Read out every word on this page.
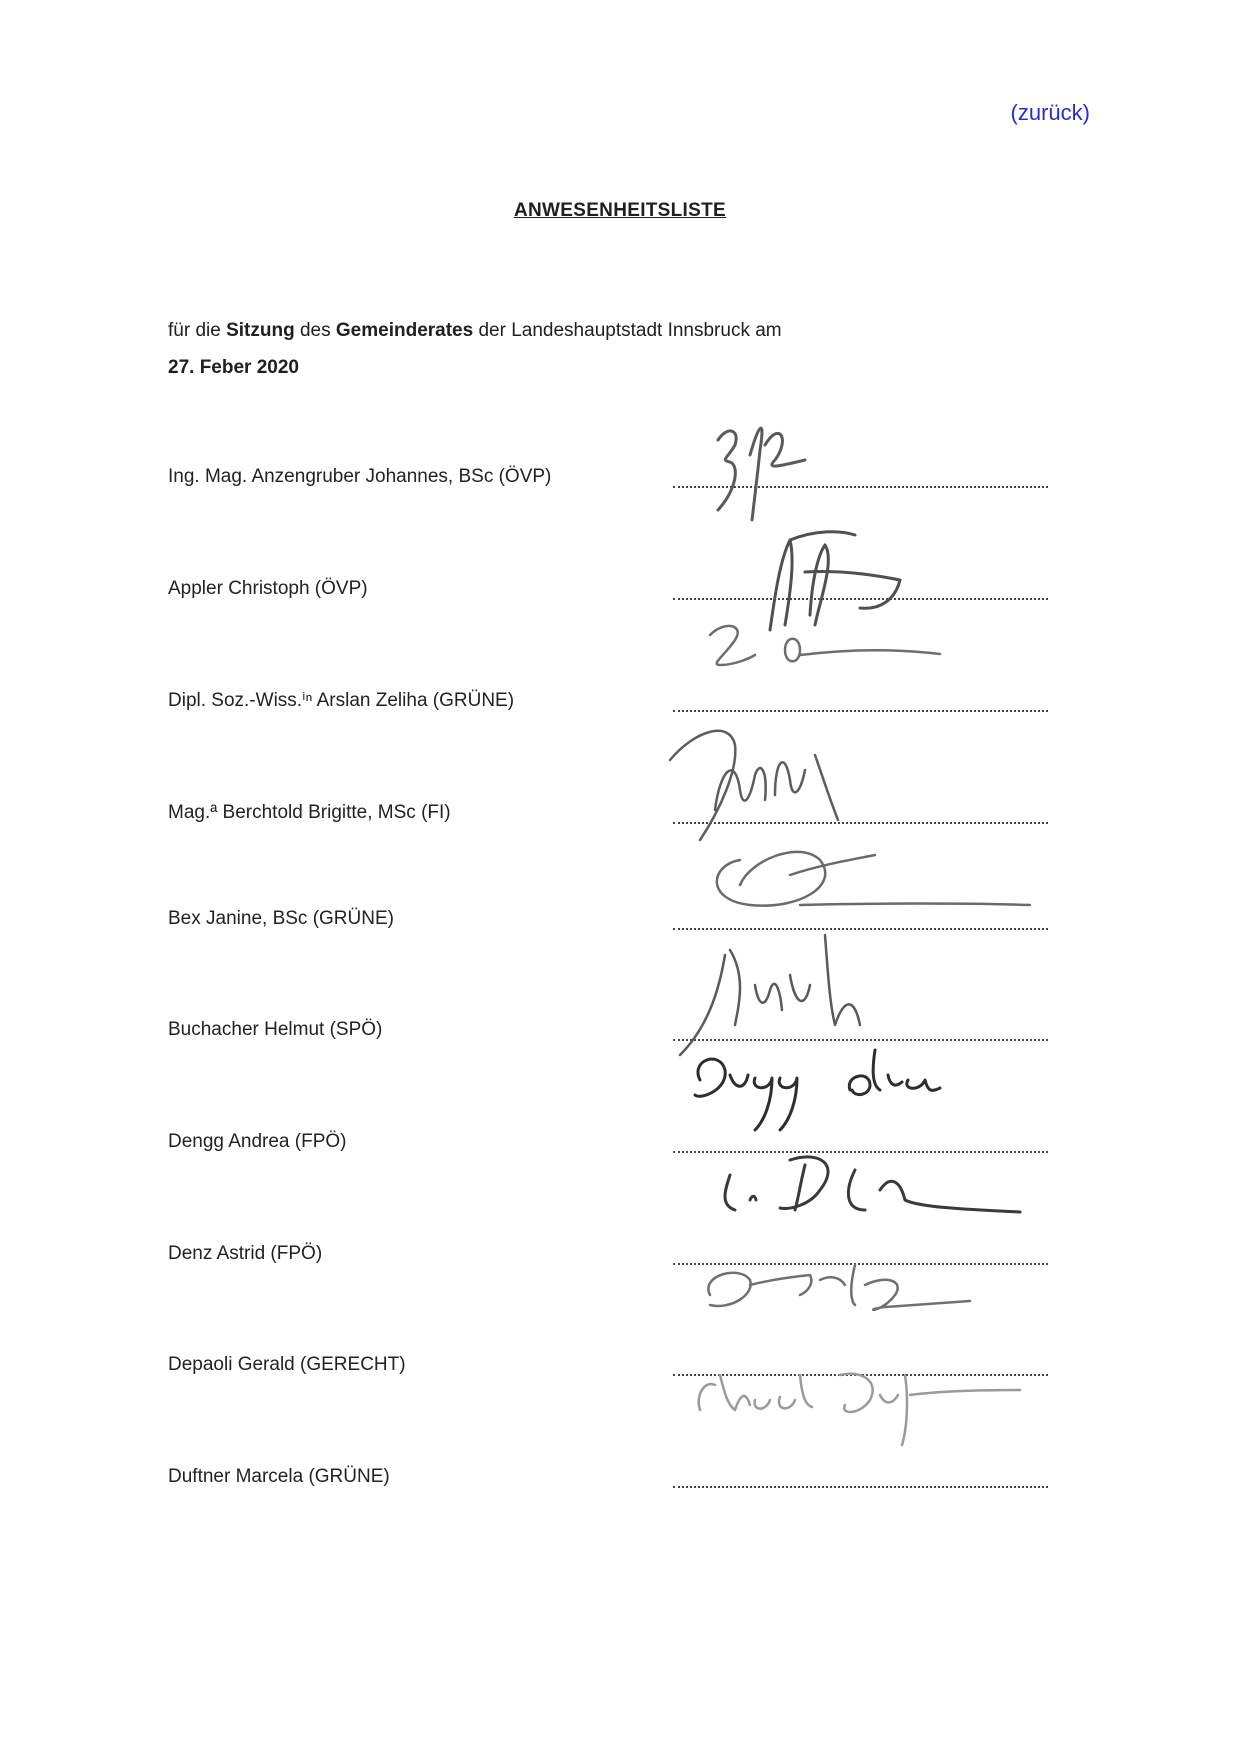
(zurück)
ANWESENHEITSLISTE
für die Sitzung des Gemeinderates der Landeshauptstadt Innsbruck am
27. Feber 2020
Ing. Mag. Anzengruber Johannes, BSc (ÖVP)
Appler Christoph (ÖVP)
Dipl. Soz.-Wiss.ⁱⁿ Arslan Zeliha (GRÜNE)
Mag.ª Berchtold Brigitte, MSc (FI)
Bex Janine, BSc (GRÜNE)
Buchacher Helmut (SPÖ)
Dengg Andrea (FPÖ)
Denz Astrid (FPÖ)
Depaoli Gerald (GERECHT)
Duftner Marcela (GRÜNE)
